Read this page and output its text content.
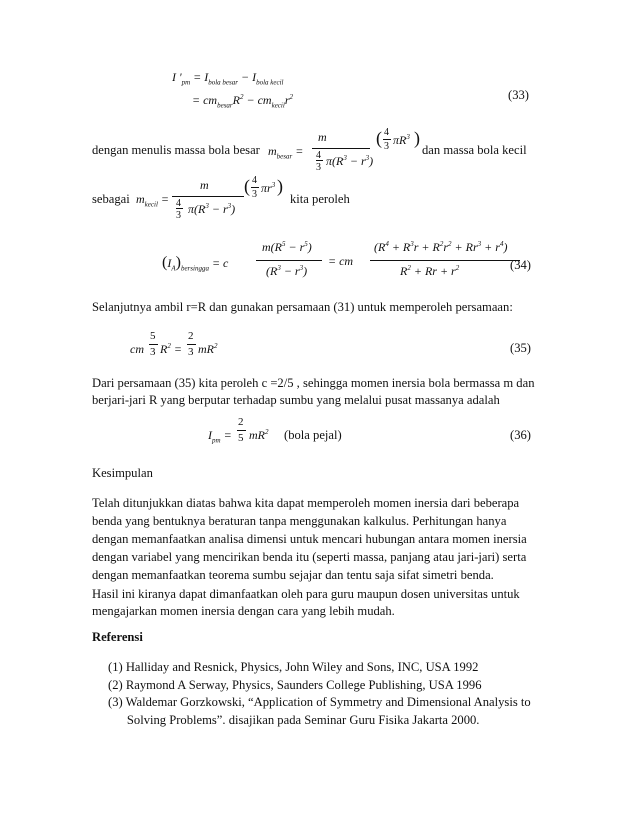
I '$_{pm} = I_{bola besar} - I_{bola kecil}$
= $cm_{besar}R^2 - cm_{kecil}r^2$	(33)
dengan menulis massa bola besar $m_{besar}$ =
m
4
3 $\pi(R^3 - r^3)$
( 4
3 $\pi R^3$ )
dan massa bola kecil
sebagai $m_{kecil}$ =
m
4
3 $\pi(R^3 - r^3)$
( 4
3 $\pi r^3$ )
kita peroleh
$(I_A)_{bersingga} = c$
$m(R^5 - r^5)$
$(R^3 - r^3)$
= cm
$(R^4 + R^3r + R^2r^2 + Rr^3 + r^4)$
$R^2 + Rr + r^2$	(34)
Selanjutnya ambil r=R dan gunakan persamaan (31) untuk memperoleh persamaan:
cm
5
3 $R^2$ =
2
3 $mR^2$	(35)
Dari persamaan (35) kita peroleh c =2/5 , sehingga momen inersia bola bermassa m dan
berjari-jari R yang berputar terhadap sumbu yang melalui pusat massanya adalah
$I_{pm}$ =
2
5 $mR^2$ (bola pejal)	(36)
Kesimpulan
Telah ditunjukkan diatas bahwa kita dapat memperoleh momen inersia dari beberapa
benda yang bentuknya beraturan tanpa menggunakan kalkulus. Perhitungan hanya
dengan memanfaatkan analisa dimensi untuk mencari hubungan antara momen inersia
dengan variabel yang mencirikan benda itu (seperti massa, panjang atau jari-jari) serta
dengan memanfaatkan teorema sumbu sejajar dan tentu saja sifat simetri benda.
Hasil ini kiranya dapat dimanfaatkan oleh para guru maupun dosen universitas untuk
mengajarkan momen inersia dengan cara yang lebih mudah.
Referensi
(1) Halliday and Resnick, Physics, John Wiley and Sons, INC, USA 1992
(2) Raymond A Serway, Physics, Saunders College Publishing, USA 1996
(3) Waldemar Gorzkowski, “Application of Symmetry and Dimensional Analysis to
Solving Problems”. disajikan pada Seminar Guru Fisika Jakarta 2000.
